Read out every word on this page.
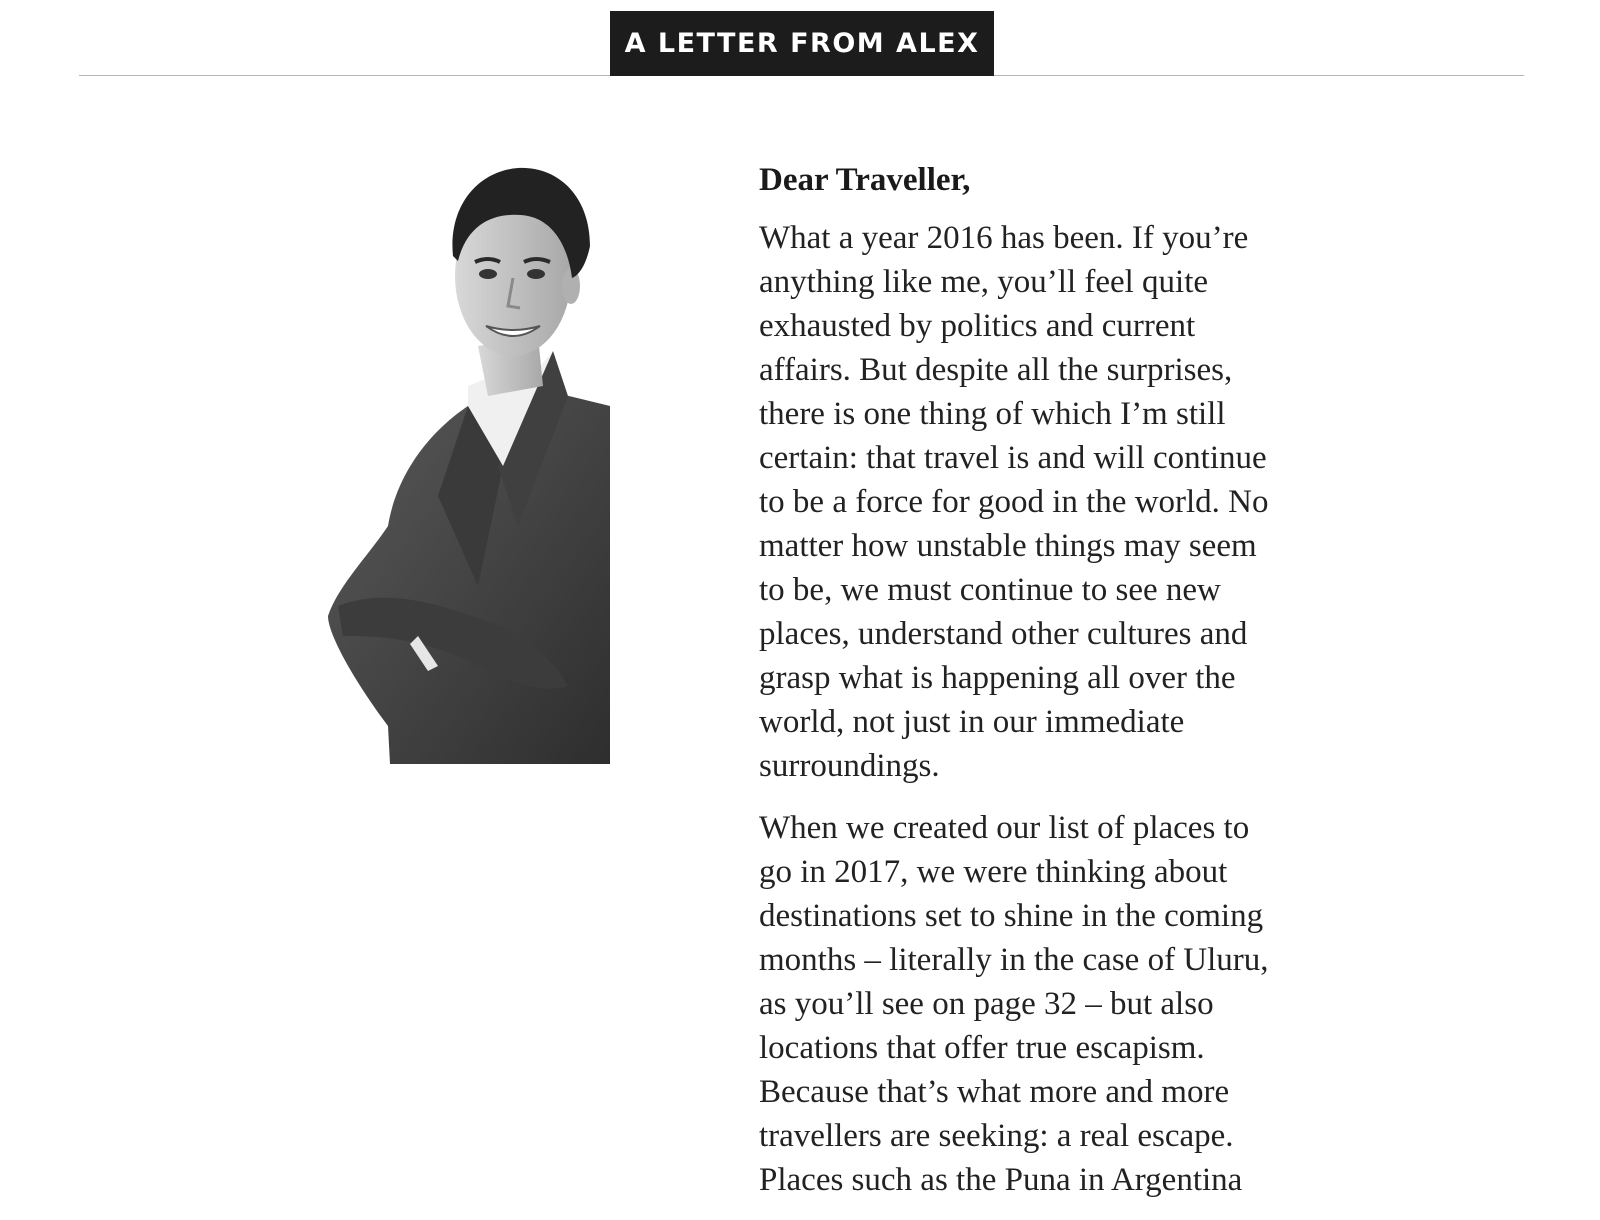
A LETTER FROM ALEX

Dear Traveller,

What a year 2016 has been. If you’re
anything like me, you’ll feel quite
exhausted by politics and current
affairs. But despite all the surprises,
there is one thing of which I’m still
certain: that travel is and will continue
to be a force for good in the world. No
matter how unstable things may seem
to be, we must continue to see new
places, understand other cultures and
grasp what is happening all over the
world, not just in our immediate
surroundings.

When we created our list of places to
go in 2017, we were thinking about
destinations set to shine in the coming
months – literally in the case of Uluru,
as you’ll see on page 32 – but also
locations that offer true escapism.
Because that’s what more and more
travellers are seeking: a real escape.
Places such as the Puna in Argentina
